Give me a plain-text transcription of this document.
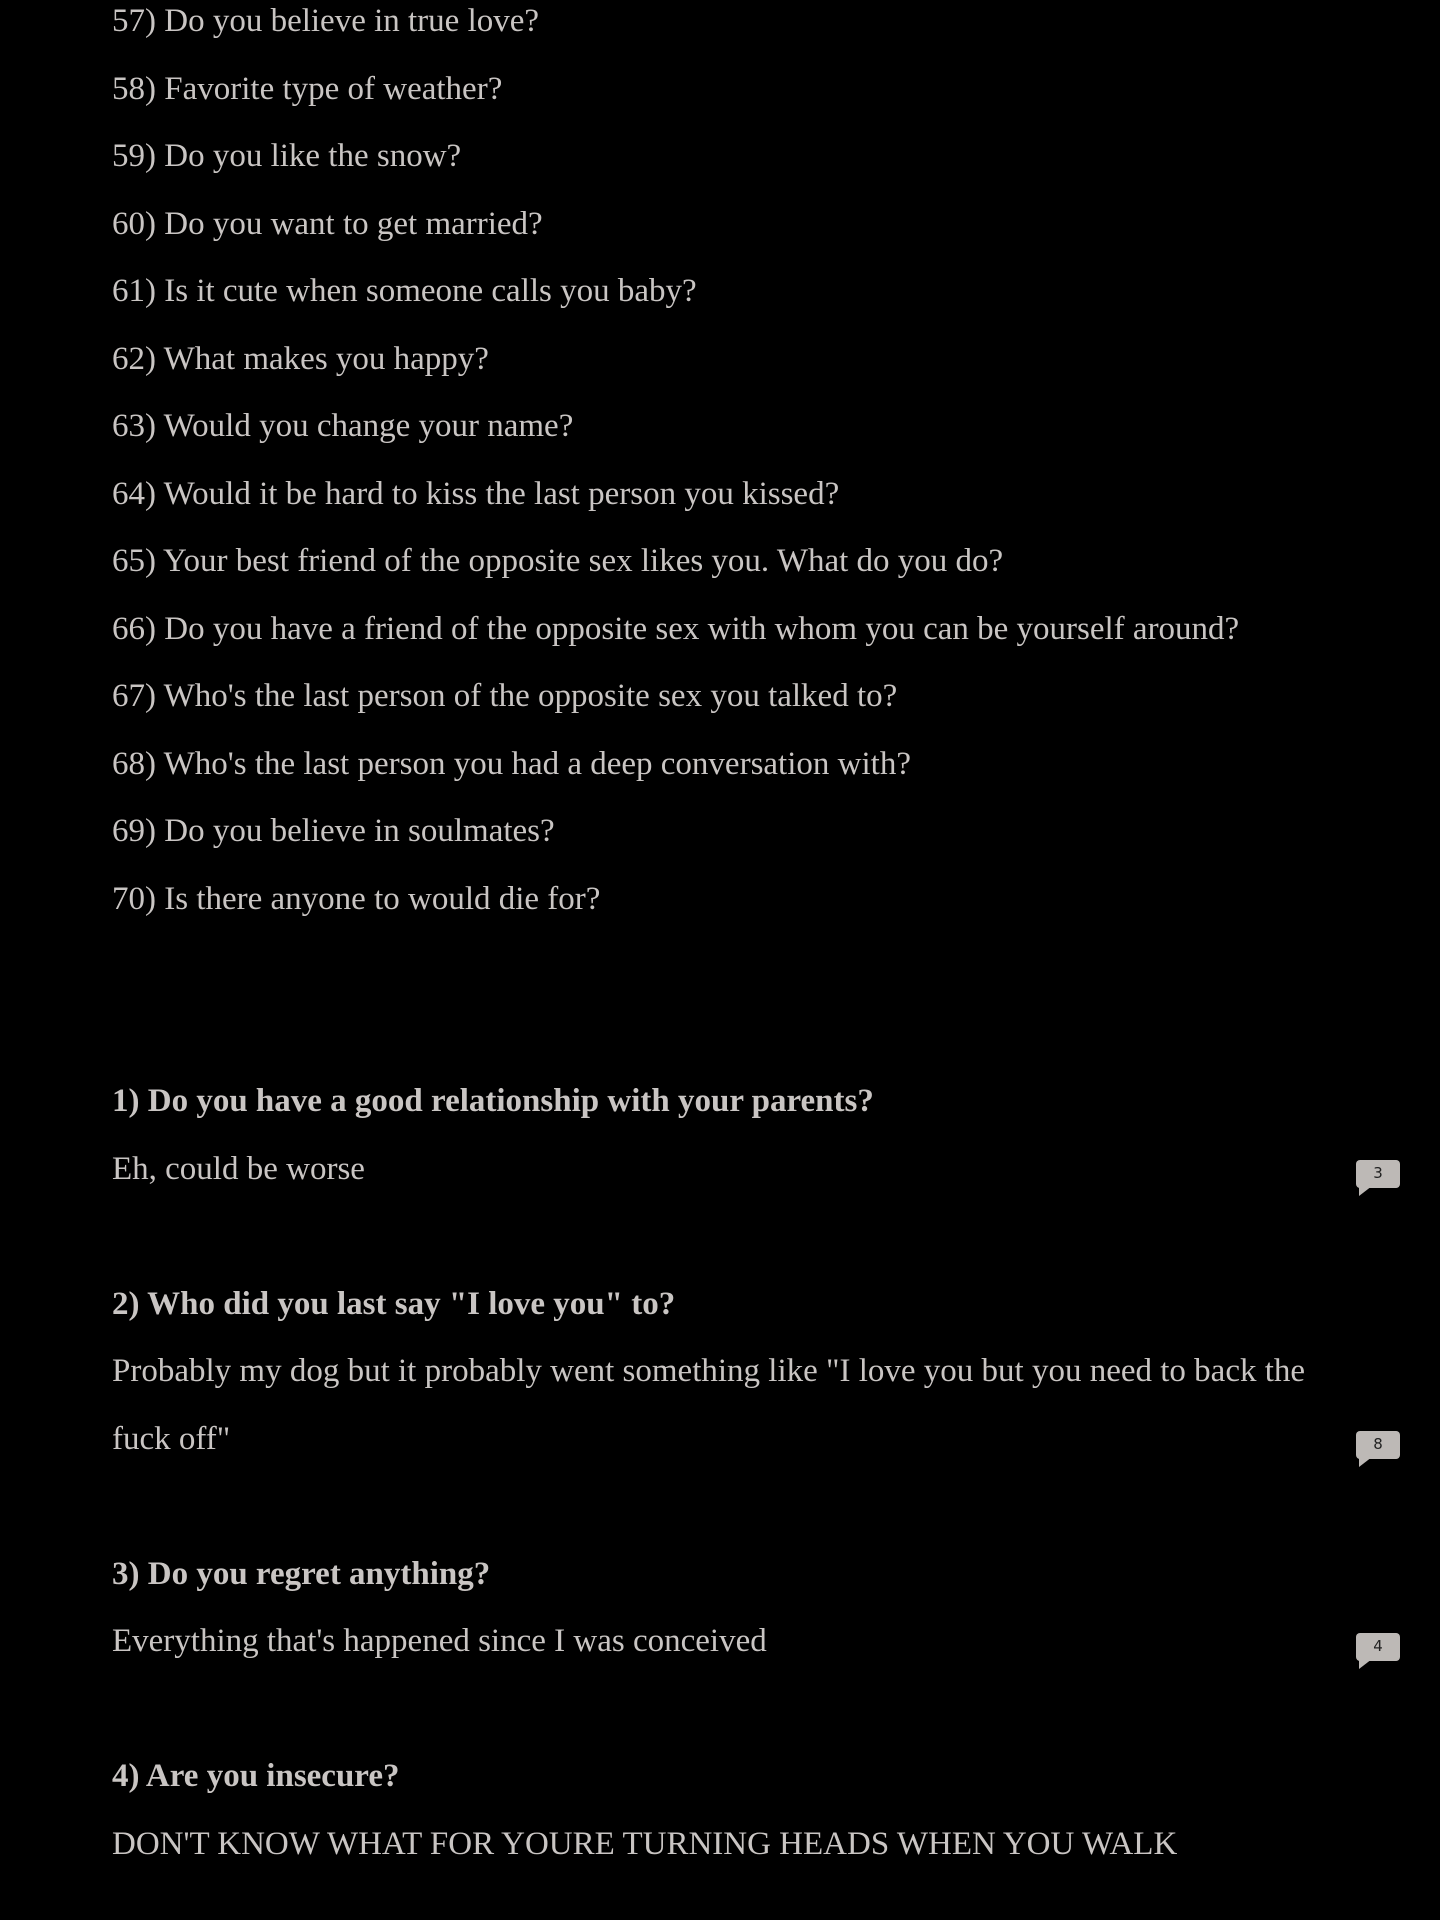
57) Do you believe in true love?

58) Favorite type of weather?

59) Do you like the snow?

60) Do you want to get married?

61) Is it cute when someone calls you baby?

62) What makes you happy?

63) Would you change your name?

64) Would it be hard to kiss the last person you kissed?

65) Your best friend of the opposite sex likes you. What do you do?

66) Do you have a friend of the opposite sex with whom you can be yourself around?

67) Who's the last person of the opposite sex you talked to?

68) Who's the last person you had a deep conversation with?

69) Do you believe in soulmates?

70) Is there anyone to would die for?

1) Do you have a good relationship with your parents?

Eh, could be worse	3

2) Who did you last say "I love you" to?

Probably my dog but it probably went something like "I love you but you need to back the fuck off"	8

3) Do you regret anything?

Everything that's happened since I was conceived	4

4) Are you insecure?

DON'T KNOW WHAT FOR YOURE TURNING HEADS WHEN YOU WALK
